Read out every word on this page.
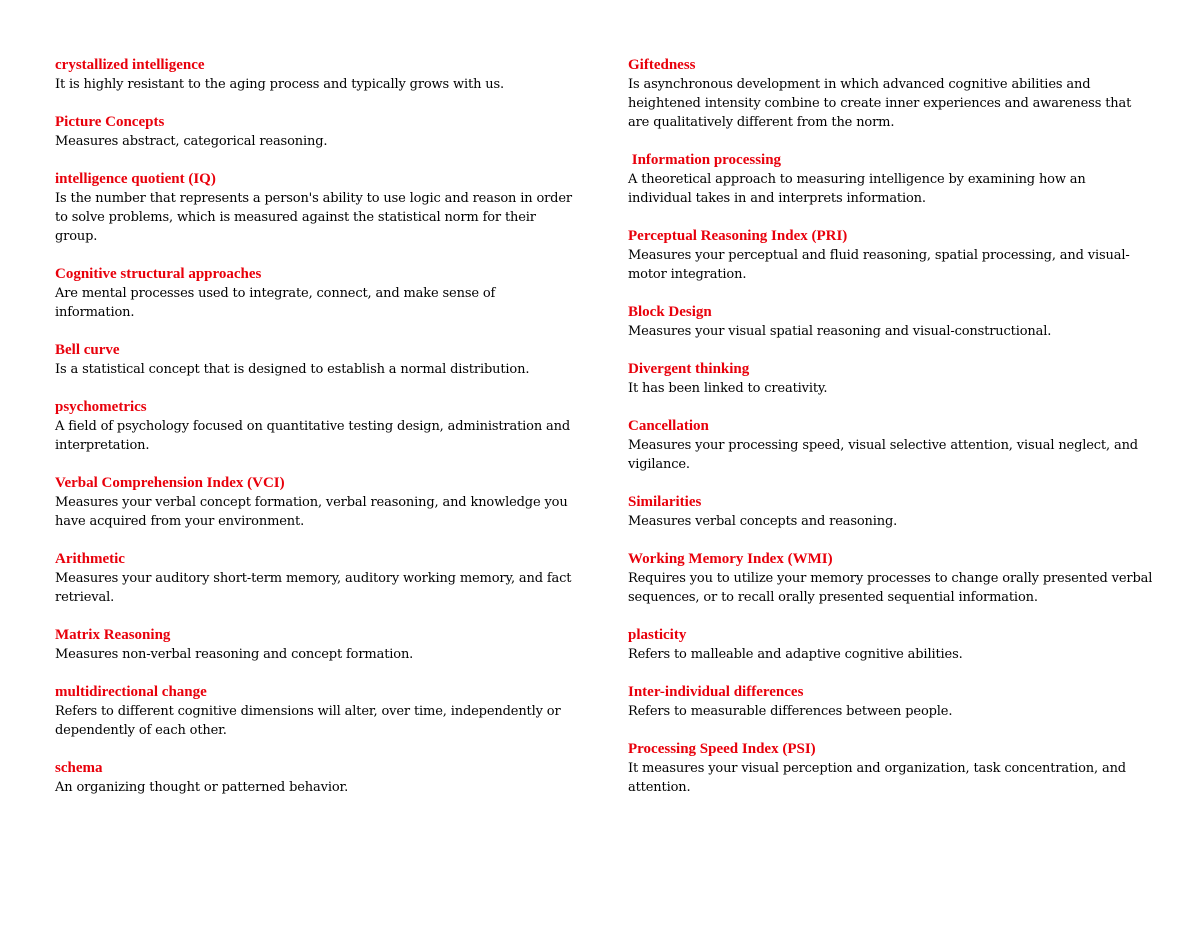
crystallized intelligence
It is highly resistant to the aging process and typically grows with us.
Picture Concepts
Measures abstract, categorical reasoning.
intelligence quotient (IQ)
Is the number that represents a person's ability to use logic and reason in order to solve problems, which is measured against the statistical norm for their group.
Cognitive structural approaches
Are mental processes used to integrate, connect, and make sense of information.
Bell curve
Is a statistical concept that is designed to establish a normal distribution.
psychometrics
A field of psychology focused on quantitative testing design, administration and interpretation.
Verbal Comprehension Index (VCI)
Measures your verbal concept formation, verbal reasoning, and knowledge you have acquired from your environment.
Arithmetic
Measures your auditory short-term memory, auditory working memory, and fact retrieval.
Matrix Reasoning
Measures non-verbal reasoning and concept formation.
multidirectional change
Refers to different cognitive dimensions will alter, over time, independently or dependently of each other.
schema
An organizing thought or patterned behavior.
Giftedness
Is asynchronous development in which advanced cognitive abilities and heightened intensity combine to create inner experiences and awareness that are qualitatively different from the norm.
Information processing
A theoretical approach to measuring intelligence by examining how an individual takes in and interprets information.
Perceptual Reasoning Index (PRI)
Measures your perceptual and fluid reasoning, spatial processing, and visual-motor integration.
Block Design
Measures your visual spatial reasoning and visual-constructional.
Divergent thinking
It has been linked to creativity.
Cancellation
Measures your processing speed, visual selective attention, visual neglect, and vigilance.
Similarities
Measures verbal concepts and reasoning.
Working Memory Index (WMI)
Requires you to utilize your memory processes to change orally presented verbal sequences, or to recall orally presented sequential information.
plasticity
Refers to malleable and adaptive cognitive abilities.
Inter-individual differences
Refers to measurable differences between people.
Processing Speed Index (PSI)
It measures your visual perception and organization, task concentration, and attention.
